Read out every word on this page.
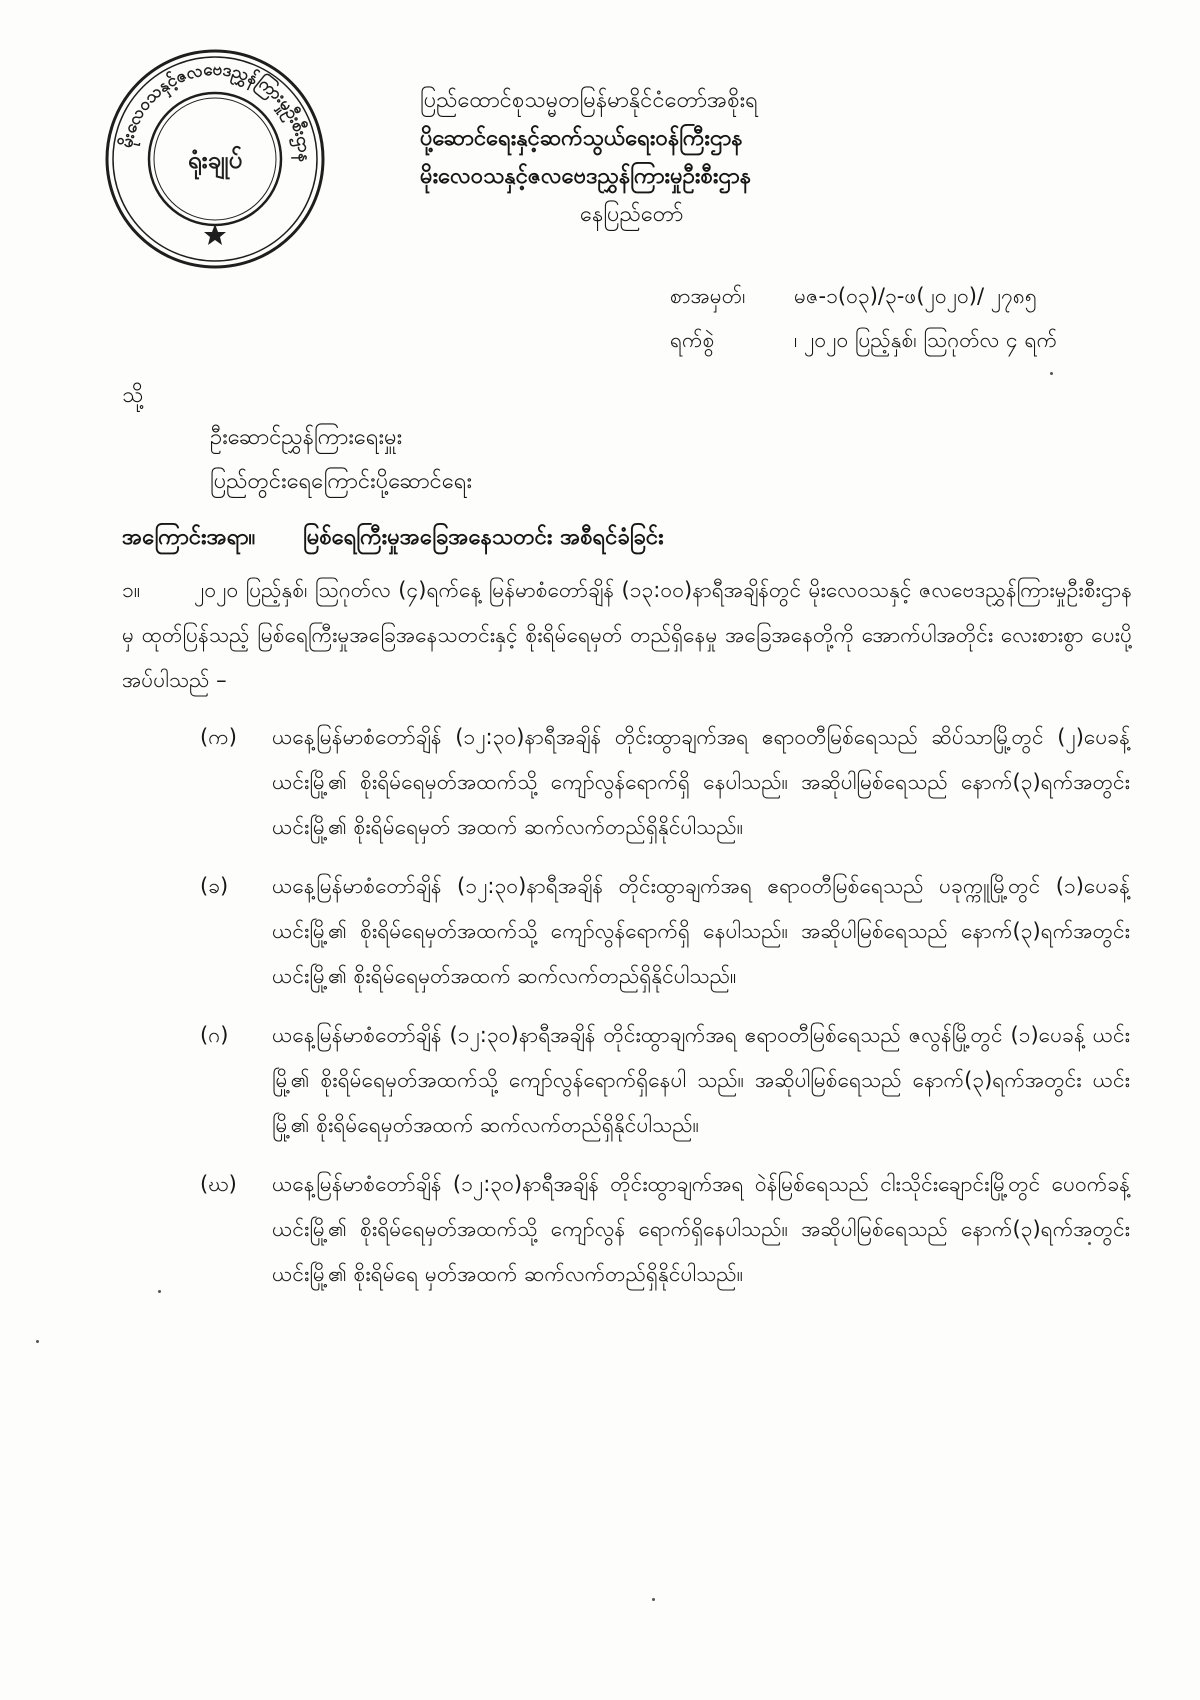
မိုးလေဝသနှင့်ဇလဗေဒညွှန်ကြားမှုဦးစီးဌာန
ရုံးချုပ်
ပြည်ထောင်စုသမ္မတမြန်မာနိုင်ငံတော်အစိုးရ
ပို့ဆောင်ရေးနှင့်ဆက်သွယ်ရေးဝန်ကြီးဌာန
မိုးလေဝသနှင့်ဇလဗေဒညွှန်ကြားမှုဦးစီးဌာန
နေပြည်တော်
စာအမှတ်၊	မဇ-၁(၀၃)/၃-ဖ(၂၀၂၀)/ ၂၇၈၅
ရက်စွဲ	၊ ၂၀၂၀ ပြည့်နှစ်၊ ဩဂုတ်လ ၄ ရက်
သို့
ဦးဆောင်ညွှန်ကြားရေးမှူး
ပြည်တွင်းရေကြောင်းပို့ဆောင်ရေး
အကြောင်းအရာ။ မြစ်ရေကြီးမှုအခြေအနေသတင်း အစီရင်ခံခြင်း
၁။	၂၀၂၀ ပြည့်နှစ်၊ ဩဂုတ်လ (၄)ရက်နေ့ မြန်မာစံတော်ချိန် (၁၃:၀၀)နာရီအချိန်တွင် မိုးလေဝသနှင့် ဇလဗေဒညွှန်ကြားမှုဦးစီးဌာနမှ ထုတ်ပြန်သည့် မြစ်ရေကြီးမှုအခြေအနေသတင်းနှင့် စိုးရိမ်ရေမှတ် တည်ရှိနေမှု အခြေအနေတို့ကို အောက်ပါအတိုင်း လေးစားစွာ ပေးပို့အပ်ပါသည် –
(က)	ယနေ့မြန်မာစံတော်ချိန် (၁၂:၃၀)နာရီအချိန် တိုင်းထွာချက်အရ ဧရာဝတီမြစ်ရေသည် ဆိပ်သာမြို့တွင် (၂)ပေခန့် ယင်းမြို့၏ စိုးရိမ်ရေမှတ်အထက်သို့ ကျော်လွန်ရောက်ရှိ နေပါသည်။ အဆိုပါမြစ်ရေသည် နောက်(၃)ရက်အတွင်း ယင်းမြို့၏ စိုးရိမ်ရေမှတ် အထက် ဆက်လက်တည်ရှိနိုင်ပါသည်။
(ခ)	ယနေ့မြန်မာစံတော်ချိန် (၁၂:၃၀)နာရီအချိန် တိုင်းထွာချက်အရ ဧရာဝတီမြစ်ရေသည် ပခုက္ကူမြို့တွင် (၁)ပေခန့် ယင်းမြို့၏ စိုးရိမ်ရေမှတ်အထက်သို့ ကျော်လွန်ရောက်ရှိ နေပါသည်။ အဆိုပါမြစ်ရေသည် နောက်(၃)ရက်အတွင်း ယင်းမြို့၏ စိုးရိမ်ရေမှတ်အထက် ဆက်လက်တည်ရှိနိုင်ပါသည်။
(ဂ)	ယနေ့မြန်မာစံတော်ချိန် (၁၂:၃၀)နာရီအချိန် တိုင်းထွာချက်အရ ဧရာဝတီမြစ်ရေသည် ဇလွန်မြို့တွင် (၁)ပေခန့် ယင်းမြို့၏ စိုးရိမ်ရေမှတ်အထက်သို့ ကျော်လွန်ရောက်ရှိနေပါ သည်။ အဆိုပါမြစ်ရေသည် နောက်(၃)ရက်အတွင်း ယင်းမြို့၏ စိုးရိမ်ရေမှတ်အထက် ဆက်လက်တည်ရှိနိုင်ပါသည်။
(ဃ)	ယနေ့မြန်မာစံတော်ချိန် (၁၂:၃၀)နာရီအချိန် တိုင်းထွာချက်အရ ဝဲန်မြစ်ရေသည် ငါးသိုင်းချောင်းမြို့တွင် ပေဝက်ခန့် ယင်းမြို့၏ စိုးရိမ်ရေမှတ်အထက်သို့ ကျော်လွန် ရောက်ရှိနေပါသည်။ အဆိုပါမြစ်ရေသည် နောက်(၃)ရက်အတွင်း ယင်းမြို့၏ စိုးရိမ်ရေ မှတ်အထက် ဆက်လက်တည်ရှိနိုင်ပါသည်။
